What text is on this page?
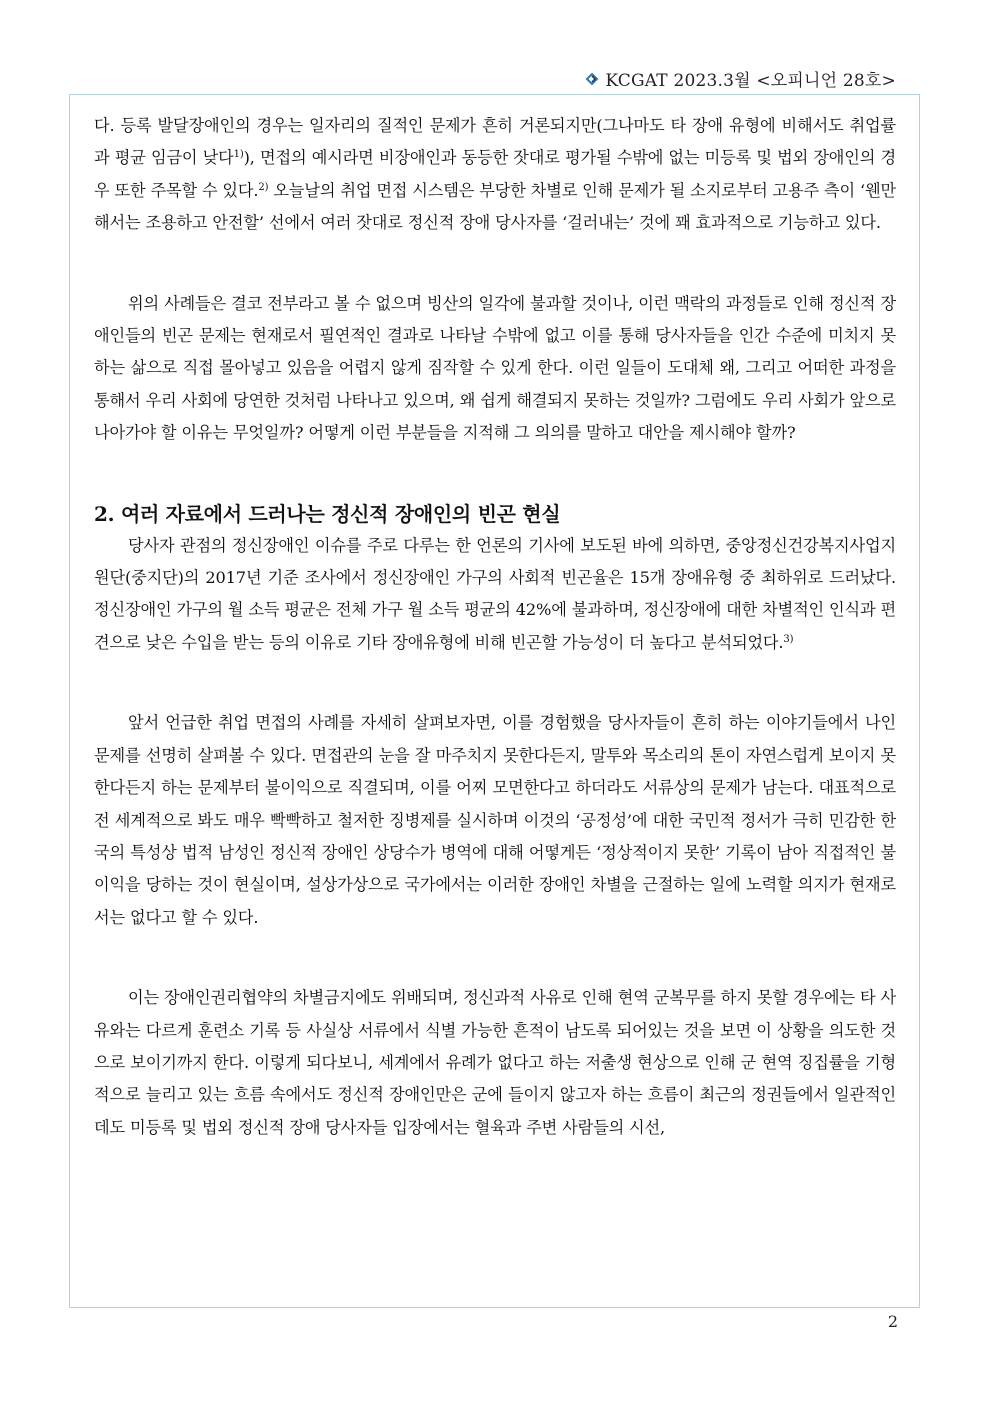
KCGAT 2023.3월 <오피니언 28호>

다. 등록 발달장애인의 경우는 일자리의 질적인 문제가 흔히 거론되지만(그나마도 타 장애 유형에 비해서도 취업률과 평균 임금이 낮다$^{1)}$), 면접의 예시라면 비장애인과 동등한 잣대로 평가될 수밖에 없는 미등록 및 법외 장애인의 경우 또한 주목할 수 있다.$^{2)}$ 오늘날의 취업 면접 시스템은 부당한 차별로 인해 문제가 될 소지로부터 고용주 측이 ‘웬만해서는 조용하고 안전할’ 선에서 여러 잣대로 정신적 장애 당사자를 ‘걸러내는’ 것에 꽤 효과적으로 기능하고 있다.

위의 사례들은 결코 전부라고 볼 수 없으며 빙산의 일각에 불과할 것이나, 이런 맥락의 과정들로 인해 정신적 장애인들의 빈곤 문제는 현재로서 필연적인 결과로 나타날 수밖에 없고 이를 통해 당사자들을 인간 수준에 미치지 못하는 삶으로 직접 몰아넣고 있음을 어렵지 않게 짐작할 수 있게 한다. 이런 일들이 도대체 왜, 그리고 어떠한 과정을 통해서 우리 사회에 당연한 것처럼 나타나고 있으며, 왜 쉽게 해결되지 못하는 것일까? 그럼에도 우리 사회가 앞으로 나아가야 할 이유는 무엇일까? 어떻게 이런 부분들을 지적해 그 의의를 말하고 대안을 제시해야 할까?

2. 여러 자료에서 드러나는 정신적 장애인의 빈곤 현실

당사자 관점의 정신장애인 이슈를 주로 다루는 한 언론의 기사에 보도된 바에 의하면, 중앙정신건강복지사업지원단(중지단)의 2017년 기준 조사에서 정신장애인 가구의 사회적 빈곤율은 15개 장애유형 중 최하위로 드러났다. 정신장애인 가구의 월 소득 평균은 전체 가구 월 소득 평균의 42%에 불과하며, 정신장애에 대한 차별적인 인식과 편견으로 낮은 수입을 받는 등의 이유로 기타 장애유형에 비해 빈곤할 가능성이 더 높다고 분석되었다.$^{3)}$

앞서 언급한 취업 면접의 사례를 자세히 살펴보자면, 이를 경험했을 당사자들이 흔히 하는 이야기들에서 나인 문제를 선명히 살펴볼 수 있다. 면접관의 눈을 잘 마주치지 못한다든지, 말투와 목소리의 톤이 자연스럽게 보이지 못한다든지 하는 문제부터 불이익으로 직결되며, 이를 어찌 모면한다고 하더라도 서류상의 문제가 남는다. 대표적으로 전 세계적으로 봐도 매우 빡빡하고 철저한 징병제를 실시하며 이것의 ‘공정성’에 대한 국민적 정서가 극히 민감한 한국의 특성상 법적 남성인 정신적 장애인 상당수가 병역에 대해 어떻게든 ‘정상적이지 못한’ 기록이 남아 직접적인 불이익을 당하는 것이 현실이며, 설상가상으로 국가에서는 이러한 장애인 차별을 근절하는 일에 노력할 의지가 현재로서는 없다고 할 수 있다.

이는 장애인권리협약의 차별금지에도 위배되며, 정신과적 사유로 인해 현역 군복무를 하지 못할 경우에는 타 사유와는 다르게 훈련소 기록 등 사실상 서류에서 식별 가능한 흔적이 남도록 되어있는 것을 보면 이 상황을 의도한 것으로 보이기까지 한다. 이렇게 되다보니, 세계에서 유례가 없다고 하는 저출생 현상으로 인해 군 현역 징집률을 기형적으로 늘리고 있는 흐름 속에서도 정신적 장애인만은 군에 들이지 않고자 하는 흐름이 최근의 정권들에서 일관적인데도 미등록 및 법외 정신적 장애 당사자들 입장에서는 혈육과 주변 사람들의 시선,

2
